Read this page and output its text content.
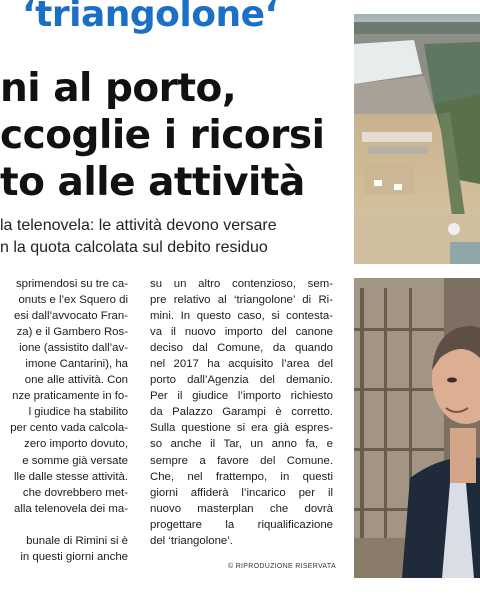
‘triangolone‘
ni al porto,
ccoglie i ricorsi
to alle attività
la telenovela: le attività devono versare
n la quota calcolata sul debito residuo
sprimendosi su tre ca-
onuts e l’ex Squero di
esi dall’avvocato Fran-
za) e il Gambero Ros-
ione (assistito dall’av-
imone Cantarini), ha
one alle attività. Con
nze praticamente in fo-
l giudice ha stabilito
per cento vada calcola-
zero importo dovuto,
e somme già versate
lle dalle stesse attività.
che dovrebbero met-
alla telenovela dei ma-

bunale di Rimini si è
in questi giorni anche
su un altro contenzioso, sem-
pre relativo al ‘triangolone’ di Ri-
mini. In questo caso, si contesta-
va il nuovo importo del canone
deciso dal Comune, da quando
nel 2017 ha acquisito l’area del
porto dall’Agenzia del demanio.
Per il giudice l’importo richiesto
da Palazzo Garampi è corretto.
Sulla questione si era già espres-
so anche il Tar, un anno fa, e
sempre a favore del Comune.
Che, nel frattempo, in questi
giorni affiderà l’incarico per il
nuovo masterplan che dovrà
progettare la riqualificazione
del ‘triangolone’.
© RIPRODUZIONE RISERVATA
